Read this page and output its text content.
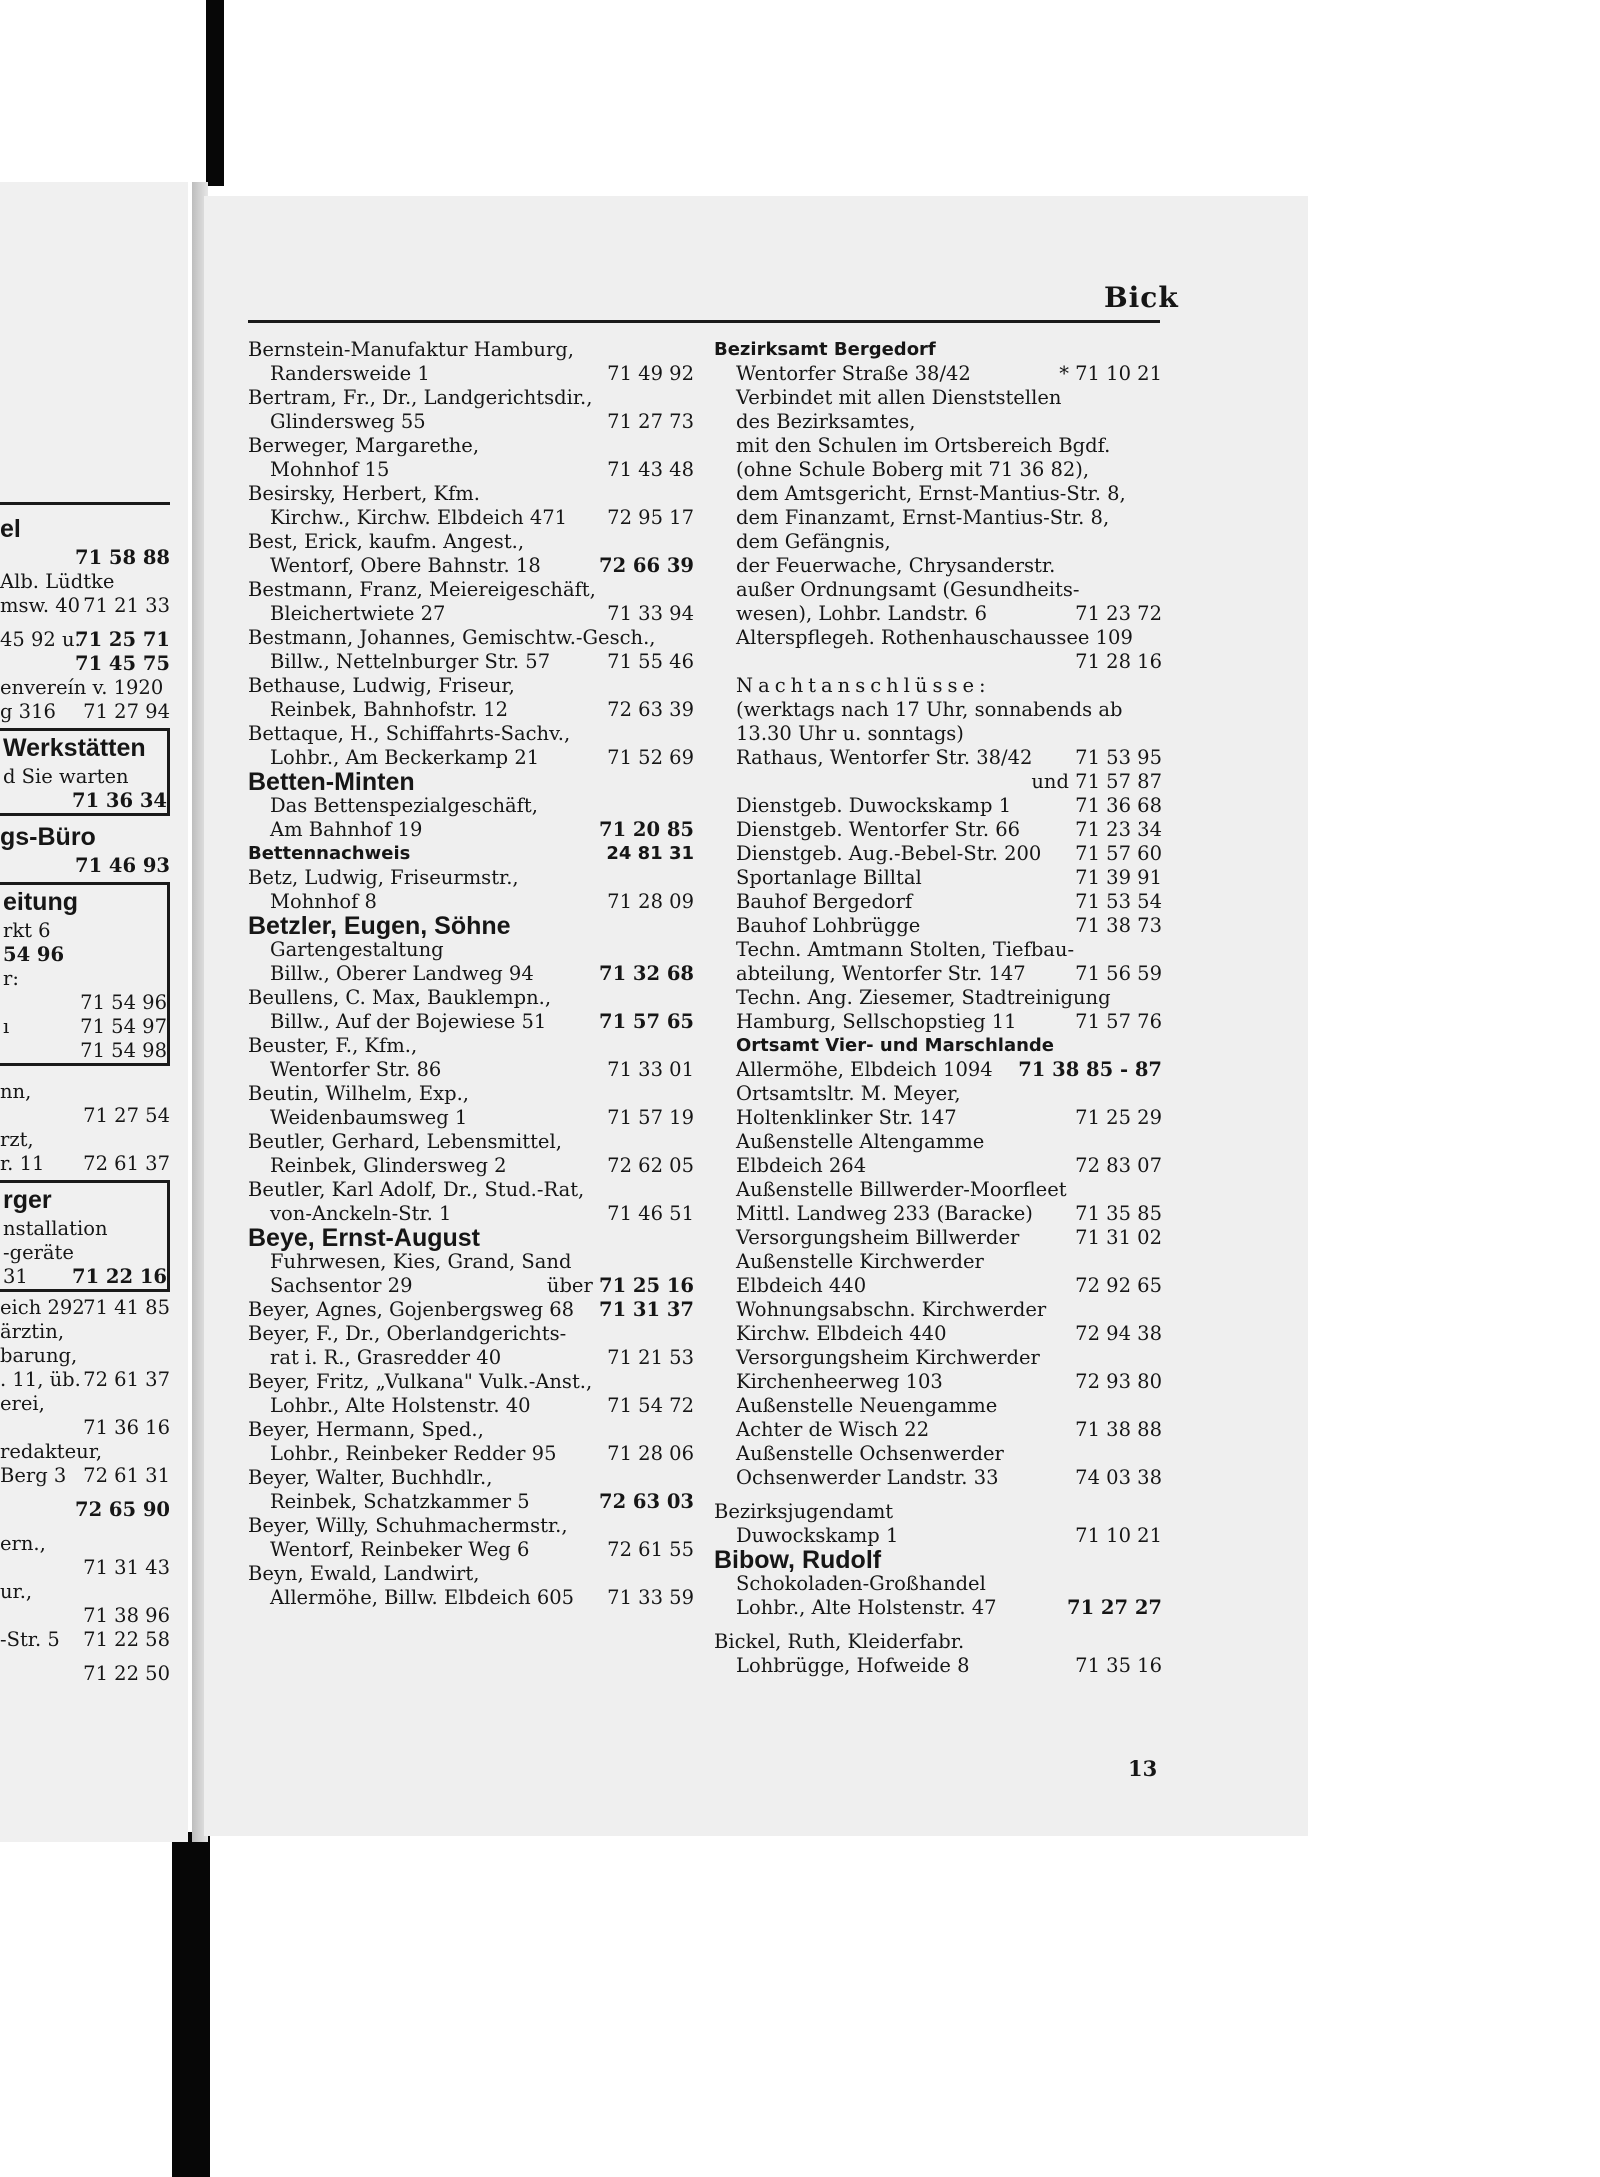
el
71 58 88
Alb. Lüdtke
msw. 40 71 21 33
45 92 u.
71 25 71
71 45 75
envereín v. 1920
g 316 71 27 94
Werkstätten
d Sie warten
71 36 34
gs-Büro
71 46 93
eitung
rkt 6
54 96
r:
71 54 96
ı	71 54 97
71 54 98
nn,
71 27 54
rzt,
r. 11 72 61 37
rger
nstallation
-geräte
31 71 22 16
eich 292
71 41 85
ärztin,
barung,
. 11, üb. 72 61 37
erei,
71 36 16
redakteur,
Berg 3 72 61 31
72 65 90
ern.,
71 31 43
ur.,
71 38 96
-Str. 5 71 22 58
71 22 50
Bick
Bernstein-Manufaktur Hamburg,
Randersweide 1	71 49 92
Bertram, Fr., Dr., Landgerichtsdir.,
Glindersweg 55	71 27 73
Berweger, Margarethe,
Mohnhof 15	71 43 48
Besirsky, Herbert, Kfm.
Kirchw., Kirchw. Elbdeich 471 72 95 17
Best, Erick, kaufm. Angest.,
Wentorf, Obere Bahnstr. 18	72 66 39
Bestmann, Franz, Meiereigeschäft,
Bleichertwiete 27	71 33 94
Bestmann, Johannes, Gemischtw.-Gesch.,
Billw., Nettelnburger Str. 57	71 55 46
Bethause, Ludwig, Friseur,
Reinbek, Bahnhofstr. 12	72 63 39
Bettaque, H., Schiffahrts-Sachv.,
Lohbr., Am Beckerkamp 21	71 52 69
Betten-Minten
Das Bettenspezialgeschäft,
Am Bahnhof 19	71 20 85
Bettennachweis	24 81 31
Betz, Ludwig, Friseurmstr.,
Mohnhof 8	71 28 09
Betzler, Eugen, Söhne
Gartengestaltung
Billw., Oberer Landweg 94	71 32 68
Beullens, C. Max, Bauklempn.,
Billw., Auf der Bojewiese 51	71 57 65
Beuster, F., Kfm.,
Wentorfer Str. 86	71 33 01
Beutin, Wilhelm, Exp.,
Weidenbaumsweg 1	71 57 19
Beutler, Gerhard, Lebensmittel,
Reinbek, Glindersweg 2	72 62 05
Beutler, Karl Adolf, Dr., Stud.-Rat,
von-Anckeln-Str. 1	71 46 51
Beye, Ernst-August
Fuhrwesen, Kies, Grand, Sand
Sachsentor 29	über 71 25 16
Beyer, Agnes, Gojenbergsweg 68 71 31 37
Beyer, F., Dr., Oberlandgerichts-
rat i. R., Grasredder 40	71 21 53
Beyer, Fritz, „Vulkana" Vulk.-Anst.,
Lohbr., Alte Holstenstr. 40	71 54 72
Beyer, Hermann, Sped.,
Lohbr., Reinbeker Redder 95	71 28 06
Beyer, Walter, Buchhdlr.,
Reinbek, Schatzkammer 5	72 63 03
Beyer, Willy, Schuhmachermstr.,
Wentorf, Reinbeker Weg 6	72 61 55
Beyn, Ewald, Landwirt,
Allermöhe, Billw. Elbdeich 605 71 33 59
Bezirksamt Bergedorf
Wentorfer Straße 38/42	* 71 10 21
Verbindet mit allen Dienststellen
des Bezirksamtes,
mit den Schulen im Ortsbereich Bgdf.
(ohne Schule Boberg mit 71 36 82),
dem Amtsgericht, Ernst-Mantius-Str. 8,
dem Finanzamt, Ernst-Mantius-Str. 8,
dem Gefängnis,
der Feuerwache, Chrysanderstr.
außer Ordnungsamt (Gesundheits-
wesen), Lohbr. Landstr. 6	71 23 72
Alterspflegeh. Rothenhauschaussee 109
71 28 16
Nachtanschlüsse:
(werktags nach 17 Uhr, sonnabends ab
13.30 Uhr u. sonntags)
Rathaus, Wentorfer Str. 38/42 71 53 95
und 71 57 87
Dienstgeb. Duwockskamp 1	71 36 68
Dienstgeb. Wentorfer Str. 66	71 23 34
Dienstgeb. Aug.-Bebel-Str. 200 71 57 60
Sportanlage Billtal	71 39 91
Bauhof Bergedorf	71 53 54
Bauhof Lohbrügge	71 38 73
Techn. Amtmann Stolten, Tiefbau-
abteilung, Wentorfer Str. 147	71 56 59
Techn. Ang. Ziesemer, Stadtreinigung
Hamburg, Sellschopstieg 11	71 57 76
Ortsamt Vier- und Marschlande
Allermöhe, Elbdeich 1094 71 38 85 - 87
Ortsamtsltr. M. Meyer,
Holtenklinker Str. 147	71 25 29
Außenstelle Altengamme
Elbdeich 264	72 83 07
Außenstelle Billwerder-Moorfleet
Mittl. Landweg 233 (Baracke) 71 35 85
Versorgungsheim Billwerder	71 31 02
Außenstelle Kirchwerder
Elbdeich 440	72 92 65
Wohnungsabschn. Kirchwerder
Kirchw. Elbdeich 440	72 94 38
Versorgungsheim Kirchwerder
Kirchenheerweg 103	72 93 80
Außenstelle Neuengamme
Achter de Wisch 22	71 38 88
Außenstelle Ochsenwerder
Ochsenwerder Landstr. 33	74 03 38
Bezirksjugendamt
Duwockskamp 1	71 10 21
Bibow, Rudolf
Schokoladen-Großhandel
Lohbr., Alte Holstenstr. 47	71 27 27
Bickel, Ruth, Kleiderfabr.
Lohbrügge, Hofweide 8	71 35 16
13
